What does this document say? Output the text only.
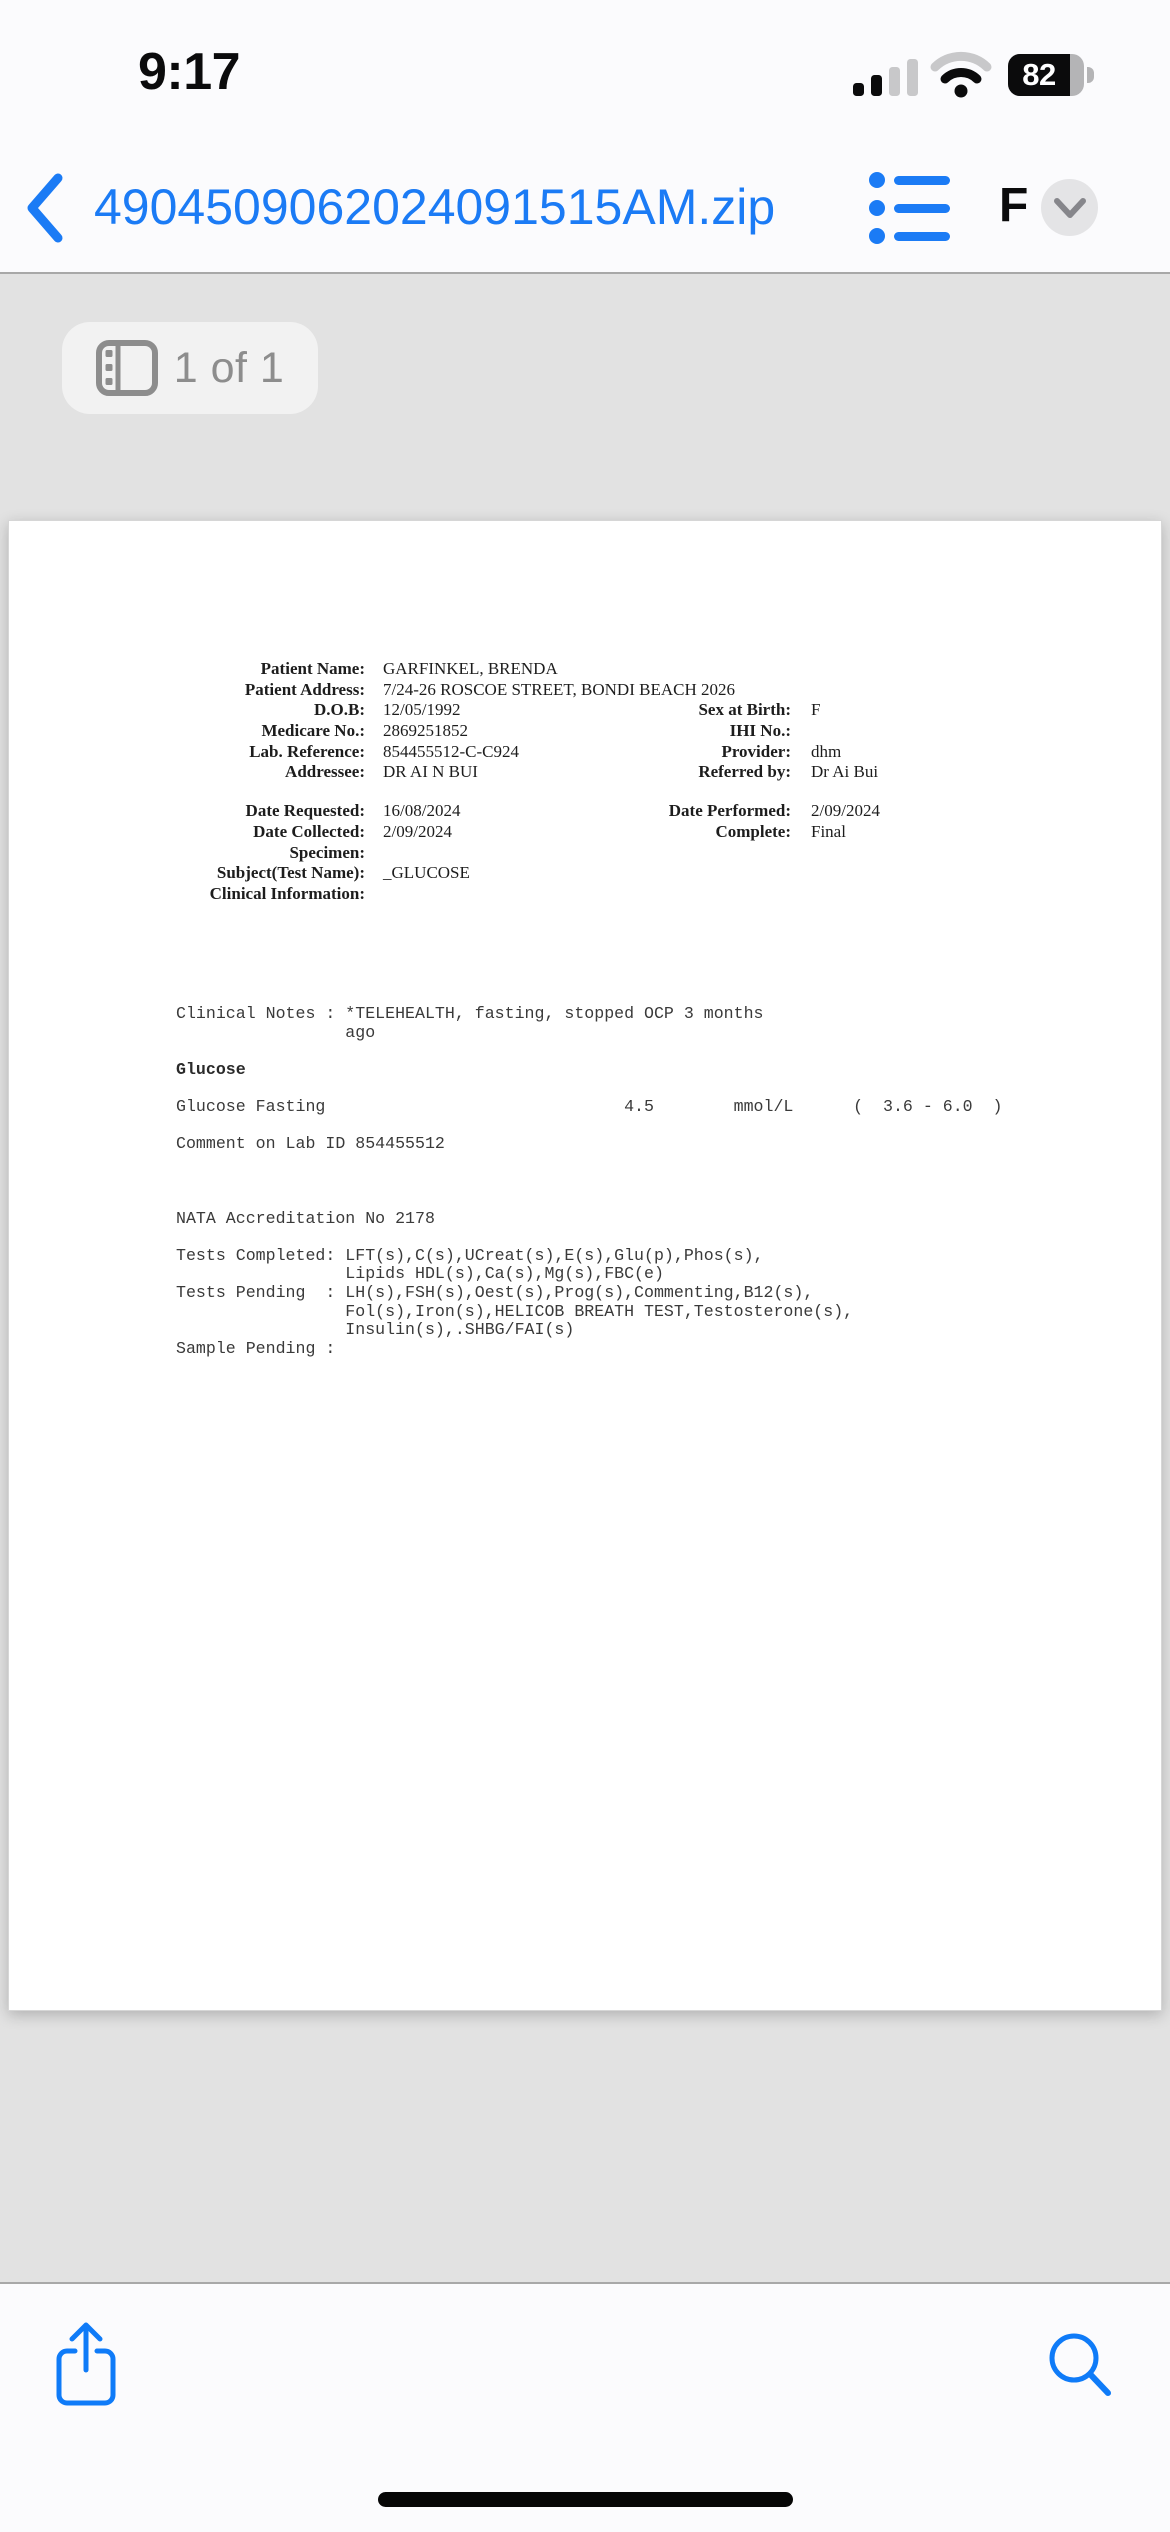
9:17	82
4904509062024091515AM.zip	F
1 of 1
Patient Name: GARFINKEL, BRENDA
Patient Address: 7/24-26 ROSCOE STREET, BONDI BEACH 2026
D.O.B: 12/05/1992	Sex at Birth: F
Medicare No.: 2869251852	IHI No.:
Lab. Reference: 854455512-C-C924	Provider: dhm
Addressee: DR AI N BUI	Referred by: Dr Ai Bui
Date Requested: 16/08/2024	Date Performed: 2/09/2024
Date Collected: 2/09/2024	Complete: Final
Specimen:
Subject(Test Name): _GLUCOSE
Clinical Information:
Clinical Notes : *TELEHEALTH, fasting, stopped OCP 3 months
ago
Glucose
Glucose Fasting                              4.5        mmol/L      (  3.6 - 6.0  )
Comment on Lab ID 854455512
NATA Accreditation No 2178
Tests Completed: LFT(s),C(s),UCreat(s),E(s),Glu(p),Phos(s),
Lipids HDL(s),Ca(s),Mg(s),FBC(e)
Tests Pending  : LH(s),FSH(s),Oest(s),Prog(s),Commenting,B12(s),
Fol(s),Iron(s),HELICOB BREATH TEST,Testosterone(s),
Insulin(s),.SHBG/FAI(s)
Sample Pending :
